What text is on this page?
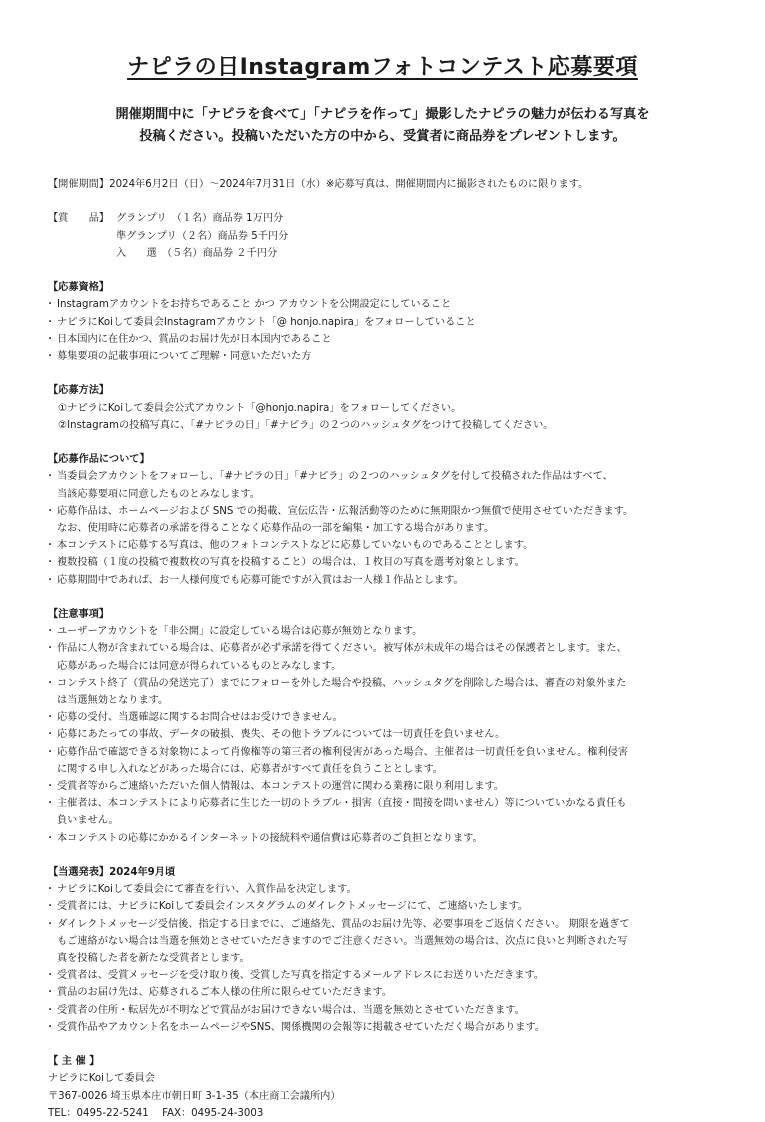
ナピラの日Instagramフォトコンテスト応募要項
開催期間中に「ナピラを食べて」「ナピラを作って」撮影したナピラの魅力が伝わる写真を
投稿ください。投稿いただいた方の中から、受賞者に商品券をプレゼントします。
【開催期間】2024年6月2日（日）～2024年7月31日（水）※応募写真は、開催期間内に撮影されたものに限ります。
【賞　　品】 グランプリ　（１名）商品券 1万円分
準グランプリ（２名）商品券 5千円分
入　　選　（５名）商品券 ２千円分
【応募資格】
・ Instagramアカウントをお持ちであること かつ アカウントを公開設定にしていること
・ ナピラにKoiして委員会Instagramアカウント「@ honjo.napira」をフォローしていること
・ 日本国内に在住かつ、賞品のお届け先が日本国内であること
・ 募集要項の記載事項についてご理解・同意いただいた方
【応募方法】
①ナピラにKoiして委員会公式アカウント「@honjo.napira」をフォローしてください。
②Instagramの投稿写真に、「#ナピラの日」「#ナピラ」の２つのハッシュタグをつけて投稿してください。
【応募作品について】
・ 当委員会アカウントをフォローし、「#ナピラの日」「#ナピラ」の２つのハッシュタグを付して投稿された作品はすべて、
当該応募要項に同意したものとみなします。
・ 応募作品は、ホームページおよび SNS での掲載、宣伝広告・広報活動等のために無期限かつ無償で使用させていただきます。
なお、使用時に応募者の承諾を得ることなく応募作品の一部を編集・加工する場合があります。
・ 本コンテストに応募する写真は、他のフォトコンテストなどに応募していないものであることとします。
・ 複数投稿（１度の投稿で複数枚の写真を投稿すること）の場合は、１枚目の写真を選考対象とします。
・ 応募期間中であれば、お一人様何度でも応募可能ですが入賞はお一人様１作品とします。
【注意事項】
・ ユーザーアカウントを「非公開」に設定している場合は応募が無効となります。
・ 作品に人物が含まれている場合は、応募者が必ず承諾を得てください。被写体が未成年の場合はその保護者とします。また、
応募があった場合には同意が得られているものとみなします。
・ コンテスト終了（賞品の発送完了）までにフォローを外した場合や投稿、ハッシュタグを削除した場合は、審査の対象外また
は当選無効となります。
・ 応募の受付、当選確認に関するお問合せはお受けできません。
・ 応募にあたっての事故、データの破損、喪失、その他トラブルについては一切責任を負いません。
・ 応募作品で確認できる対象物によって肖像権等の第三者の権利侵害があった場合、主催者は一切責任を負いません。権利侵害
に関する申し入れなどがあった場合には、応募者がすべて責任を負うこととします。
・ 受賞者等からご連絡いただいた個人情報は、本コンテストの運営に関わる業務に限り利用します。
・ 主催者は、本コンテストにより応募者に生じた一切のトラブル・損害（直接・間接を問いません）等についていかなる責任も
負いません。
・ 本コンテストの応募にかかるインターネットの接続料や通信費は応募者のご負担となります。
【当選発表】2024年9月頃
・ ナピラにKoiして委員会にて審査を行い、入賞作品を決定します。
・ 受賞者には、ナピラにKoiして委員会インスタグラムのダイレクトメッセージにて、ご連絡いたします。
・ ダイレクトメッセージ受信後、指定する日までに、ご連絡先、賞品のお届け先等、必要事項をご返信ください。 期限を過ぎて
もご連絡がない場合は当選を無効とさせていただきますのでご注意ください。当選無効の場合は、次点に良いと判断された写
真を投稿した者を新たな受賞者とします。
・ 受賞者は、受賞メッセージを受け取り後、受賞した写真を指定するメールアドレスにお送りいただきます。
・ 賞品のお届け先は、応募されるご本人様の住所に限らせていただきます。
・ 受賞者の住所・転居先が不明などで賞品がお届けできない場合は、当選を無効とさせていただきます。
・ 受賞作品やアカウント名をホームページやSNS、関係機関の会報等に掲載させていただく場合があります。
【 主 催 】
ナピラにKoiして委員会
〒367-0026 埼玉県本庄市朝日町 3-1-35（本庄商工会議所内）
TEL：0495-22-5241　 FAX：0495-24-3003
